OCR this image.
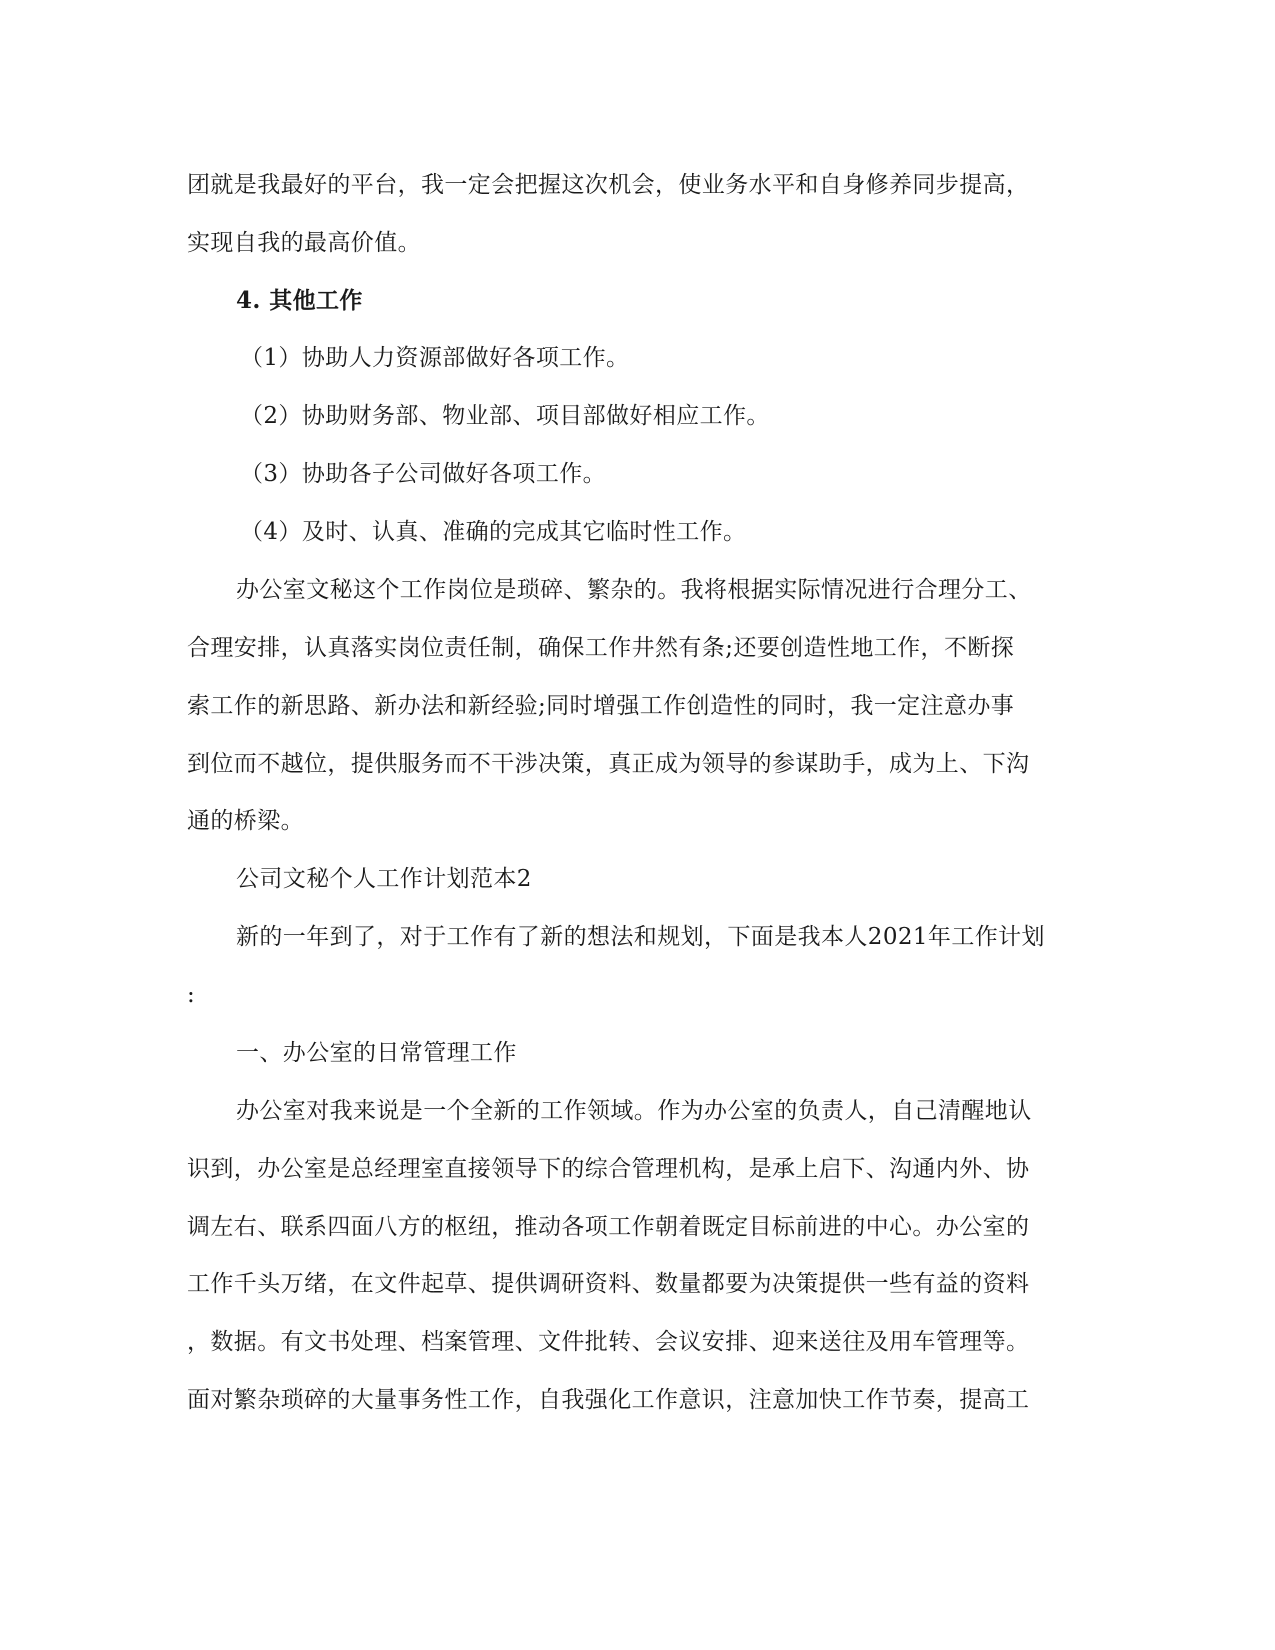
团就是我最好的平台，我一定会把握这次机会，使业务水平和自身修养同步提高，
实现自我的最高价值。
4. 其他工作
（1）协助人力资源部做好各项工作。
（2）协助财务部、物业部、项目部做好相应工作。
（3）协助各子公司做好各项工作。
（4）及时、认真、准确的完成其它临时性工作。
办公室文秘这个工作岗位是琐碎、繁杂的。我将根据实际情况进行合理分工、
合理安排，认真落实岗位责任制，确保工作井然有条;还要创造性地工作，不断探
索工作的新思路、新办法和新经验;同时增强工作创造性的同时，我一定注意办事
到位而不越位，提供服务而不干涉决策，真正成为领导的参谋助手，成为上、下沟
通的桥梁。
公司文秘个人工作计划范本2
新的一年到了，对于工作有了新的想法和规划，下面是我本人2021年工作计划
:
一、办公室的日常管理工作
办公室对我来说是一个全新的工作领域。作为办公室的负责人，自己清醒地认
识到，办公室是总经理室直接领导下的综合管理机构，是承上启下、沟通内外、协
调左右、联系四面八方的枢纽，推动各项工作朝着既定目标前进的中心。办公室的
工作千头万绪，在文件起草、提供调研资料、数量都要为决策提供一些有益的资料
，数据。有文书处理、档案管理、文件批转、会议安排、迎来送往及用车管理等。
面对繁杂琐碎的大量事务性工作，自我强化工作意识，注意加快工作节奏，提高工
